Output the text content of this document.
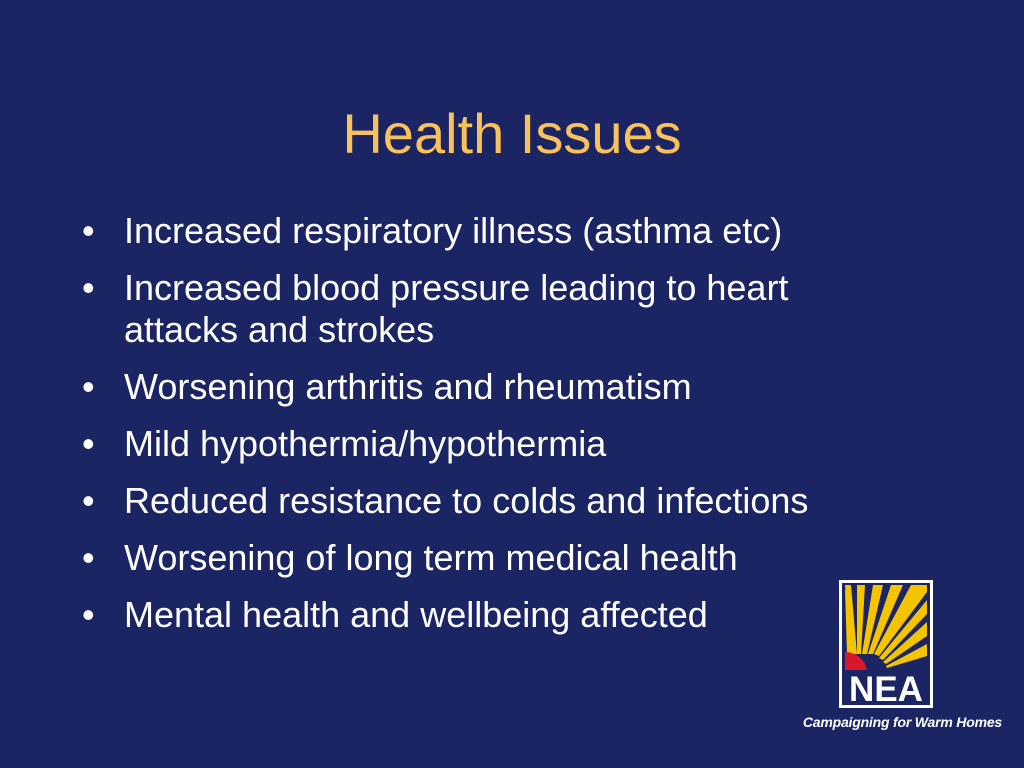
Health Issues
• Increased respiratory illness (asthma etc)
• Increased blood pressure leading to heart attacks and strokes
• Worsening arthritis and rheumatism
• Mild hypothermia/hypothermia
• Reduced resistance to colds and infections
• Worsening of long term medical health
• Mental health and wellbeing affected
NEA
Campaigning for Warm Homes
